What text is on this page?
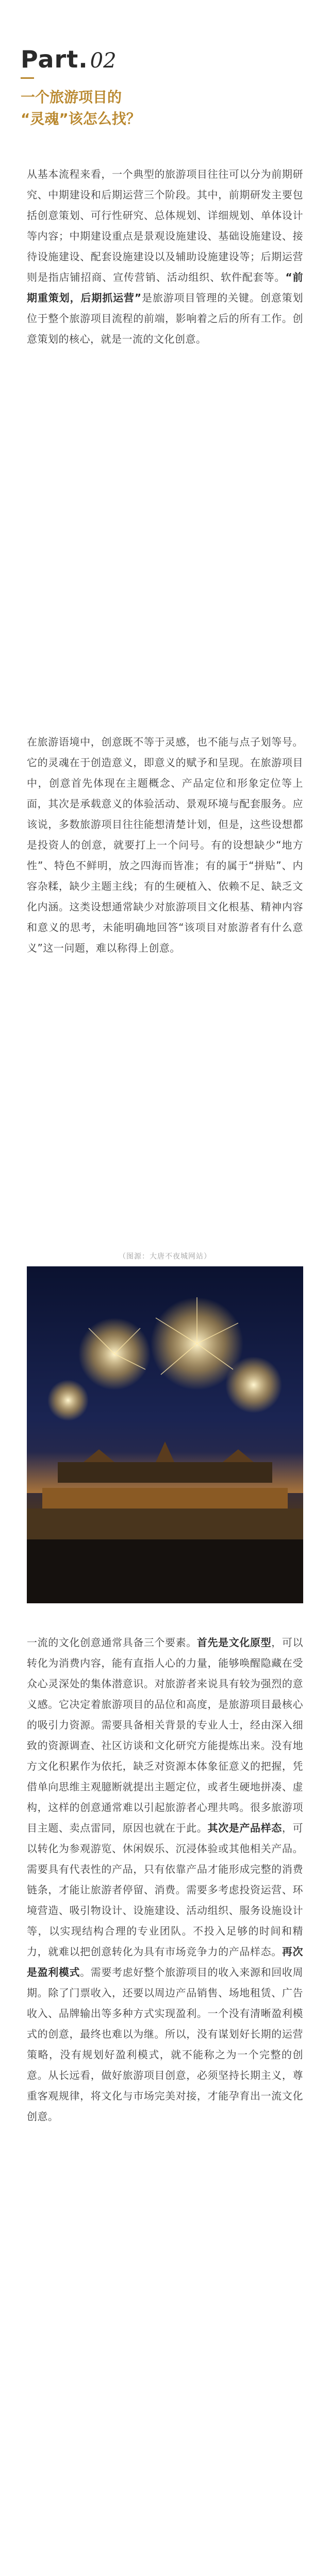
Part. 02
一个旅游项目的
“灵魂”该怎么找？

从基本流程来看，一个典型的旅游项目往往可以分为前期研究、中期建设和后期运营三个阶段。其中，前期研发主要包括创意策划、可行性研究、总体规划、详细规划、单体设计等内容；中期建设重点是景观设施建设、基础设施建设、接待设施建设、配套设施建设以及辅助设施建设等；后期运营则是指店铺招商、宣传营销、活动组织、软件配套等。“前期重策划，后期抓运营”是旅游项目管理的关键。创意策划位于整个旅游项目流程的前端，影响着之后的所有工作。创意策划的核心，就是一流的文化创意。

在旅游语境中，创意既不等于灵感，也不能与点子划等号。它的灵魂在于创造意义，即意义的赋予和呈现。在旅游项目中，创意首先体现在主题概念、产品定位和形象定位等上面，其次是承载意义的体验活动、景观环境与配套服务。应该说，多数旅游项目往往能想清楚计划，但是，这些设想都是投资人的创意，就要打上一个问号。有的设想缺少“地方性”、特色不鲜明，放之四海而皆准；有的属于“拼贴”、内容杂糅，缺少主题主线；有的生硬植入、依赖不足、缺乏文化内涵。这类设想通常缺少对旅游项目文化根基、精神内容和意义的思考，未能明确地回答“该项目对旅游者有什么意义”这一问题，难以称得上创意。

（图源：大唐不夜城网站）

一流的文化创意通常具备三个要素。首先是文化原型，可以转化为消费内容，能有直指人心的力量，能够唤醒隐藏在受众心灵深处的集体潜意识。对旅游者来说具有较为强烈的意义感。它决定着旅游项目的品位和高度，是旅游项目最核心的吸引力资源。需要具备相关背景的专业人士，经由深入细致的资源调查、社区访谈和文化研究方能提炼出来。没有地方文化积累作为依托，缺乏对资源本体象征意义的把握，凭借单向思维主观臆断就提出主题定位，或者生硬地拼凑、虚构，这样的创意通常难以引起旅游者心理共鸣。很多旅游项目主题、卖点雷同，原因也就在于此。其次是产品样态，可以转化为参观游览、休闲娱乐、沉浸体验或其他相关产品。需要具有代表性的产品，只有依靠产品才能形成完整的消费链条，才能让旅游者停留、消费。需要多考虑投资运营、环境营造、吸引物设计、设施建设、活动组织、服务设施设计等，以实现结构合理的专业团队。不投入足够的时间和精力，就难以把创意转化为具有市场竞争力的产品样态。再次是盈利模式。需要考虑好整个旅游项目的收入来源和回收周期。除了门票收入，还要以周边产品销售、场地租赁、广告收入、品牌输出等多种方式实现盈利。一个没有清晰盈利模式的创意，最终也难以为继。所以，没有谋划好长期的运营策略，没有规划好盈利模式，就不能称之为一个完整的创意。从长远看，做好旅游项目创意，必须坚持长期主义，尊重客观规律，将文化与市场完美对接，才能孕育出一流文化创意。
